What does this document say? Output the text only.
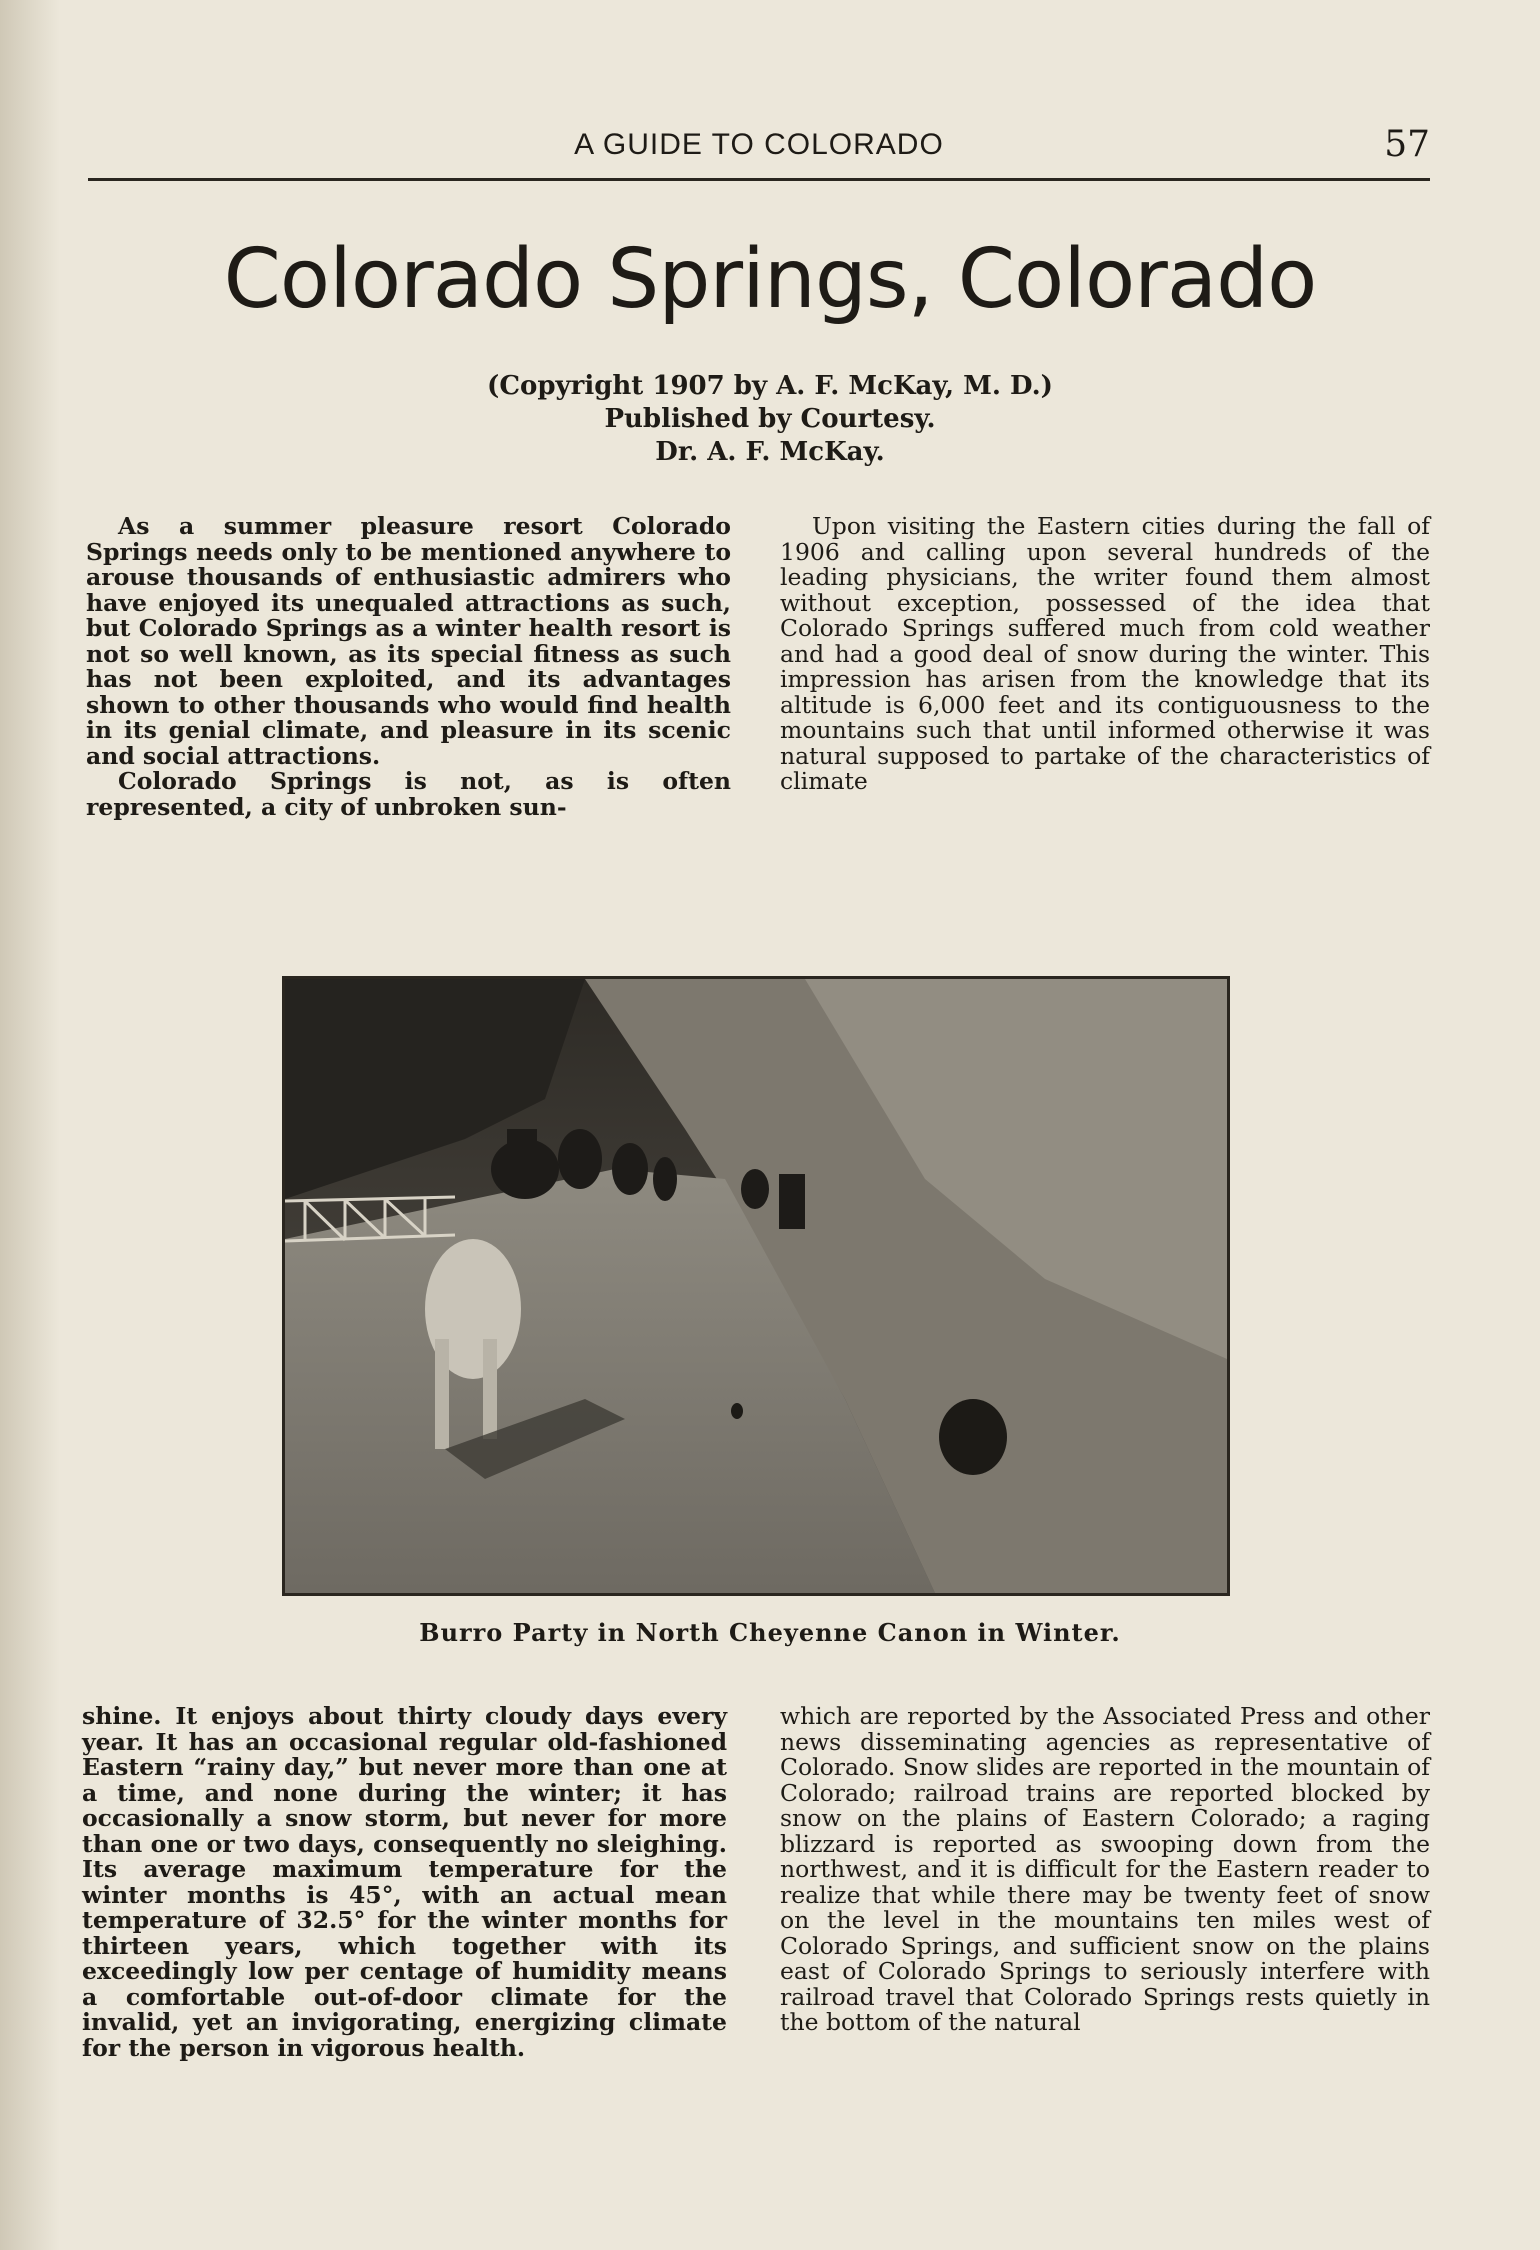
A GUIDE TO COLORADO	57
Colorado Springs, Colorado
(Copyright 1907 by A. F. McKay, M. D.)
Published by Courtesy.
Dr. A. F. McKay.

As a summer pleasure resort Colorado Springs needs only to be mentioned anywhere to arouse thousands of enthusiastic admirers who have enjoyed its unequaled attractions as such, but Colorado Springs as a winter health resort is not so well known, as its special fitness as such has not been exploited, and its advantages shown to other thousands who would find health in its genial climate, and pleasure in its scenic and social attractions.

Colorado Springs is not, as is often represented, a city of unbroken sun-

Upon visiting the Eastern cities during the fall of 1906 and calling upon several hundreds of the leading physicians, the writer found them almost without exception, possessed of the idea that Colorado Springs suffered much from cold weather and had a good deal of snow during the winter. This impression has arisen from the knowledge that its altitude is 6,000 feet and its contiguousness to the mountains such that until informed otherwise it was natural supposed to partake of the characteristics of climate

Burro Party in North Cheyenne Canon in Winter.

shine. It enjoys about thirty cloudy days every year. It has an occasional regular old-fashioned Eastern “rainy day,” but never more than one at a time, and none during the winter; it has occasionally a snow storm, but never for more than one or two days, consequently no sleighing. Its average maximum temperature for the winter months is 45°, with an actual mean temperature of 32.5° for the winter months for thirteen years, which together with its exceedingly low per centage of humidity means a comfortable out-of-door climate for the invalid, yet an invigorating, energizing climate for the person in vigorous health.

which are reported by the Associated Press and other news disseminating agencies as representative of Colorado. Snow slides are reported in the mountain of Colorado; railroad trains are reported blocked by snow on the plains of Eastern Colorado; a raging blizzard is reported as swooping down from the northwest, and it is difficult for the Eastern reader to realize that while there may be twenty feet of snow on the level in the mountains ten miles west of Colorado Springs, and sufficient snow on the plains east of Colorado Springs to seriously interfere with railroad travel that Colorado Springs rests quietly in the bottom of the natural
